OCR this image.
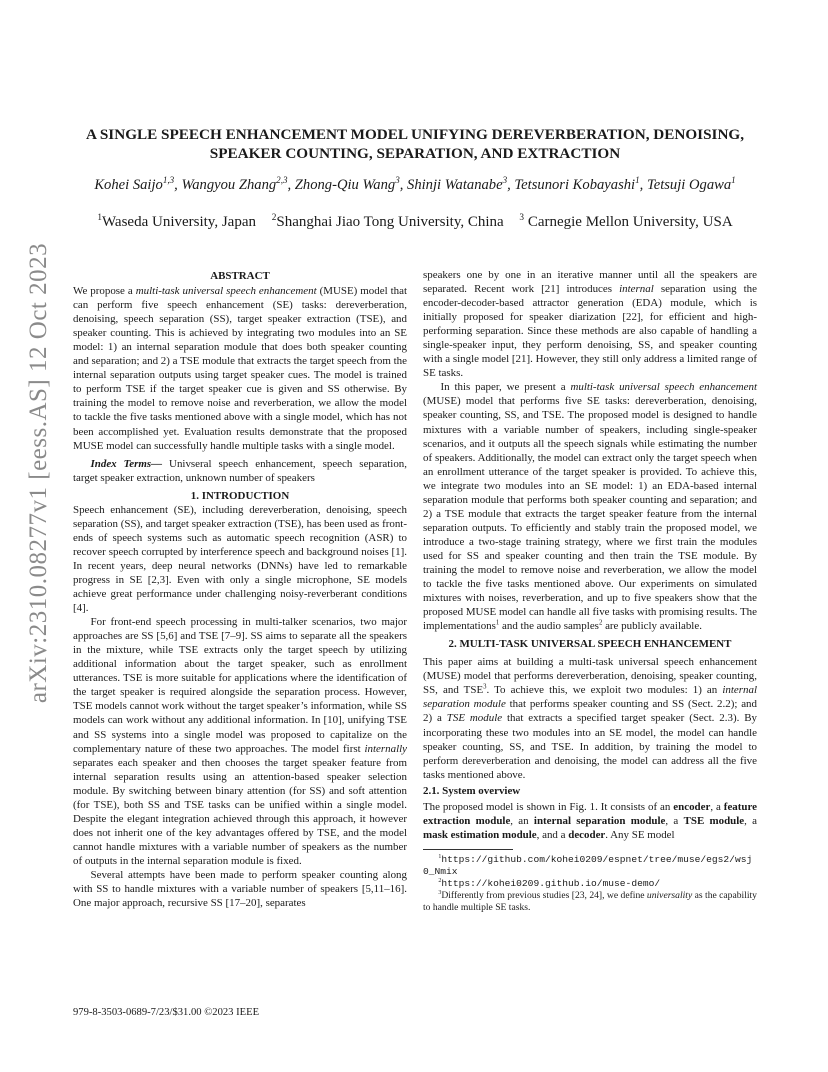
arXiv:2310.08277v1 [eess.AS] 12 Oct 2023
A SINGLE SPEECH ENHANCEMENT MODEL UNIFYING DEREVERBERATION, DENOISING, SPEAKER COUNTING, SEPARATION, AND EXTRACTION
Kohei Saijo$^{1,3}$, Wangyou Zhang$^{2,3}$, Zhong-Qiu Wang$^3$, Shinji Watanabe$^3$, Tetsunori Kobayashi$^1$, Tetsuji Ogawa$^1$
$^1$Waseda University, Japan $^2$Shanghai Jiao Tong University, China $^3$ Carnegie Mellon University, USA
ABSTRACT

We propose a multi-task universal speech enhancement (MUSE) model that can perform five speech enhancement (SE) tasks: dereverberation, denoising, speech separation (SS), target speaker extraction (TSE), and speaker counting. This is achieved by integrating two modules into an SE model: 1) an internal separation module that does both speaker counting and separation; and 2) a TSE module that extracts the target speech from the internal separation outputs using target speaker cues. The model is trained to perform TSE if the target speaker cue is given and SS otherwise. By training the model to remove noise and reverberation, we allow the model to tackle the five tasks mentioned above with a single model, which has not been accomplished yet. Evaluation results demonstrate that the proposed MUSE model can successfully handle multiple tasks with a single model.

Index Terms— Univseral speech enhancement, speech separation, target speaker extraction, unknown number of speakers

1. INTRODUCTION

Speech enhancement (SE), including dereverberation, denoising, speech separation (SS), and target speaker extraction (TSE), has been used as front-ends of speech systems such as automatic speech recognition (ASR) to recover speech corrupted by interference speech and background noises [1]. In recent years, deep neural networks (DNNs) have led to remarkable progress in SE [2,3]. Even with only a single microphone, SE models achieve great performance under challenging noisy-reverberant conditions [4].

For front-end speech processing in multi-talker scenarios, two major approaches are SS [5,6] and TSE [7–9]. SS aims to separate all the speakers in the mixture, while TSE extracts only the target speech by utilizing additional information about the target speaker, such as enrollment utterances. TSE is more suitable for applications where the identification of the target speaker is required alongside the separation process. However, TSE models cannot work without the target speaker’s information, while SS models can work without any additional information. In [10], unifying TSE and SS systems into a single model was proposed to capitalize on the complementary nature of these two approaches. The model first internally separates each speaker and then chooses the target speaker feature from internal separation results using an attention-based speaker selection module. By switching between binary attention (for SS) and soft attention (for TSE), both SS and TSE tasks can be unified within a single model. Despite the elegant integration achieved through this approach, it however does not inherit one of the key advantages offered by TSE, and the model cannot handle mixtures with a variable number of speakers as the number of outputs in the internal separation module is fixed.

Several attempts have been made to perform speaker counting along with SS to handle mixtures with a variable number of speakers [5,11–16]. One major approach, recursive SS [17–20], separates

speakers one by one in an iterative manner until all the speakers are separated. Recent work [21] introduces internal separation using the encoder-decoder-based attractor generation (EDA) module, which is initially proposed for speaker diarization [22], for efficient and high-performing separation. Since these methods are also capable of handling a single-speaker input, they perform denoising, SS, and speaker counting with a single model [21]. However, they still only address a limited range of SE tasks.

In this paper, we present a multi-task universal speech enhancement (MUSE) model that performs five SE tasks: dereverberation, denoising, speaker counting, SS, and TSE. The proposed model is designed to handle mixtures with a variable number of speakers, including single-speaker scenarios, and it outputs all the speech signals while estimating the number of speakers. Additionally, the model can extract only the target speech when an enrollment utterance of the target speaker is provided. To achieve this, we integrate two modules into an SE model: 1) an EDA-based internal separation module that performs both speaker counting and separation; and 2) a TSE module that extracts the target speaker feature from the internal separation outputs. To efficiently and stably train the proposed model, we introduce a two-stage training strategy, where we first train the modules used for SS and speaker counting and then train the TSE module. By training the model to remove noise and reverberation, we allow the model to tackle the five tasks mentioned above. Our experiments on simulated mixtures with noises, reverberation, and up to five speakers show that the proposed MUSE model can handle all five tasks with promising results. The implementations$^1$ and the audio samples$^2$ are publicly available.

2. MULTI-TASK UNIVERSAL SPEECH ENHANCEMENT

This paper aims at building a multi-task universal speech enhancement (MUSE) model that performs dereverberation, denoising, speaker counting, SS, and TSE$^3$. To achieve this, we exploit two modules: 1) an internal separation module that performs speaker counting and SS (Sect. 2.2); and 2) a TSE module that extracts a specified target speaker (Sect. 2.3). By incorporating these two modules into an SE model, the model can handle speaker counting, SS, and TSE. In addition, by training the model to perform dereverberation and denoising, the model can address all the five tasks mentioned above.

2.1. System overview

The proposed model is shown in Fig. 1. It consists of an encoder, a feature extraction module, an internal separation module, a TSE module, a mask estimation module, and a decoder. Any SE model

$^1$https://github.com/kohei0209/espnet/tree/muse/egs2/wsj0_Nmix

$^2$https://kohei0209.github.io/muse-demo/

$^3$Differently from previous studies [23, 24], we define universality as the capability to handle multiple SE tasks.

979-8-3503-0689-7/23/$31.00 ©2023 IEEE
